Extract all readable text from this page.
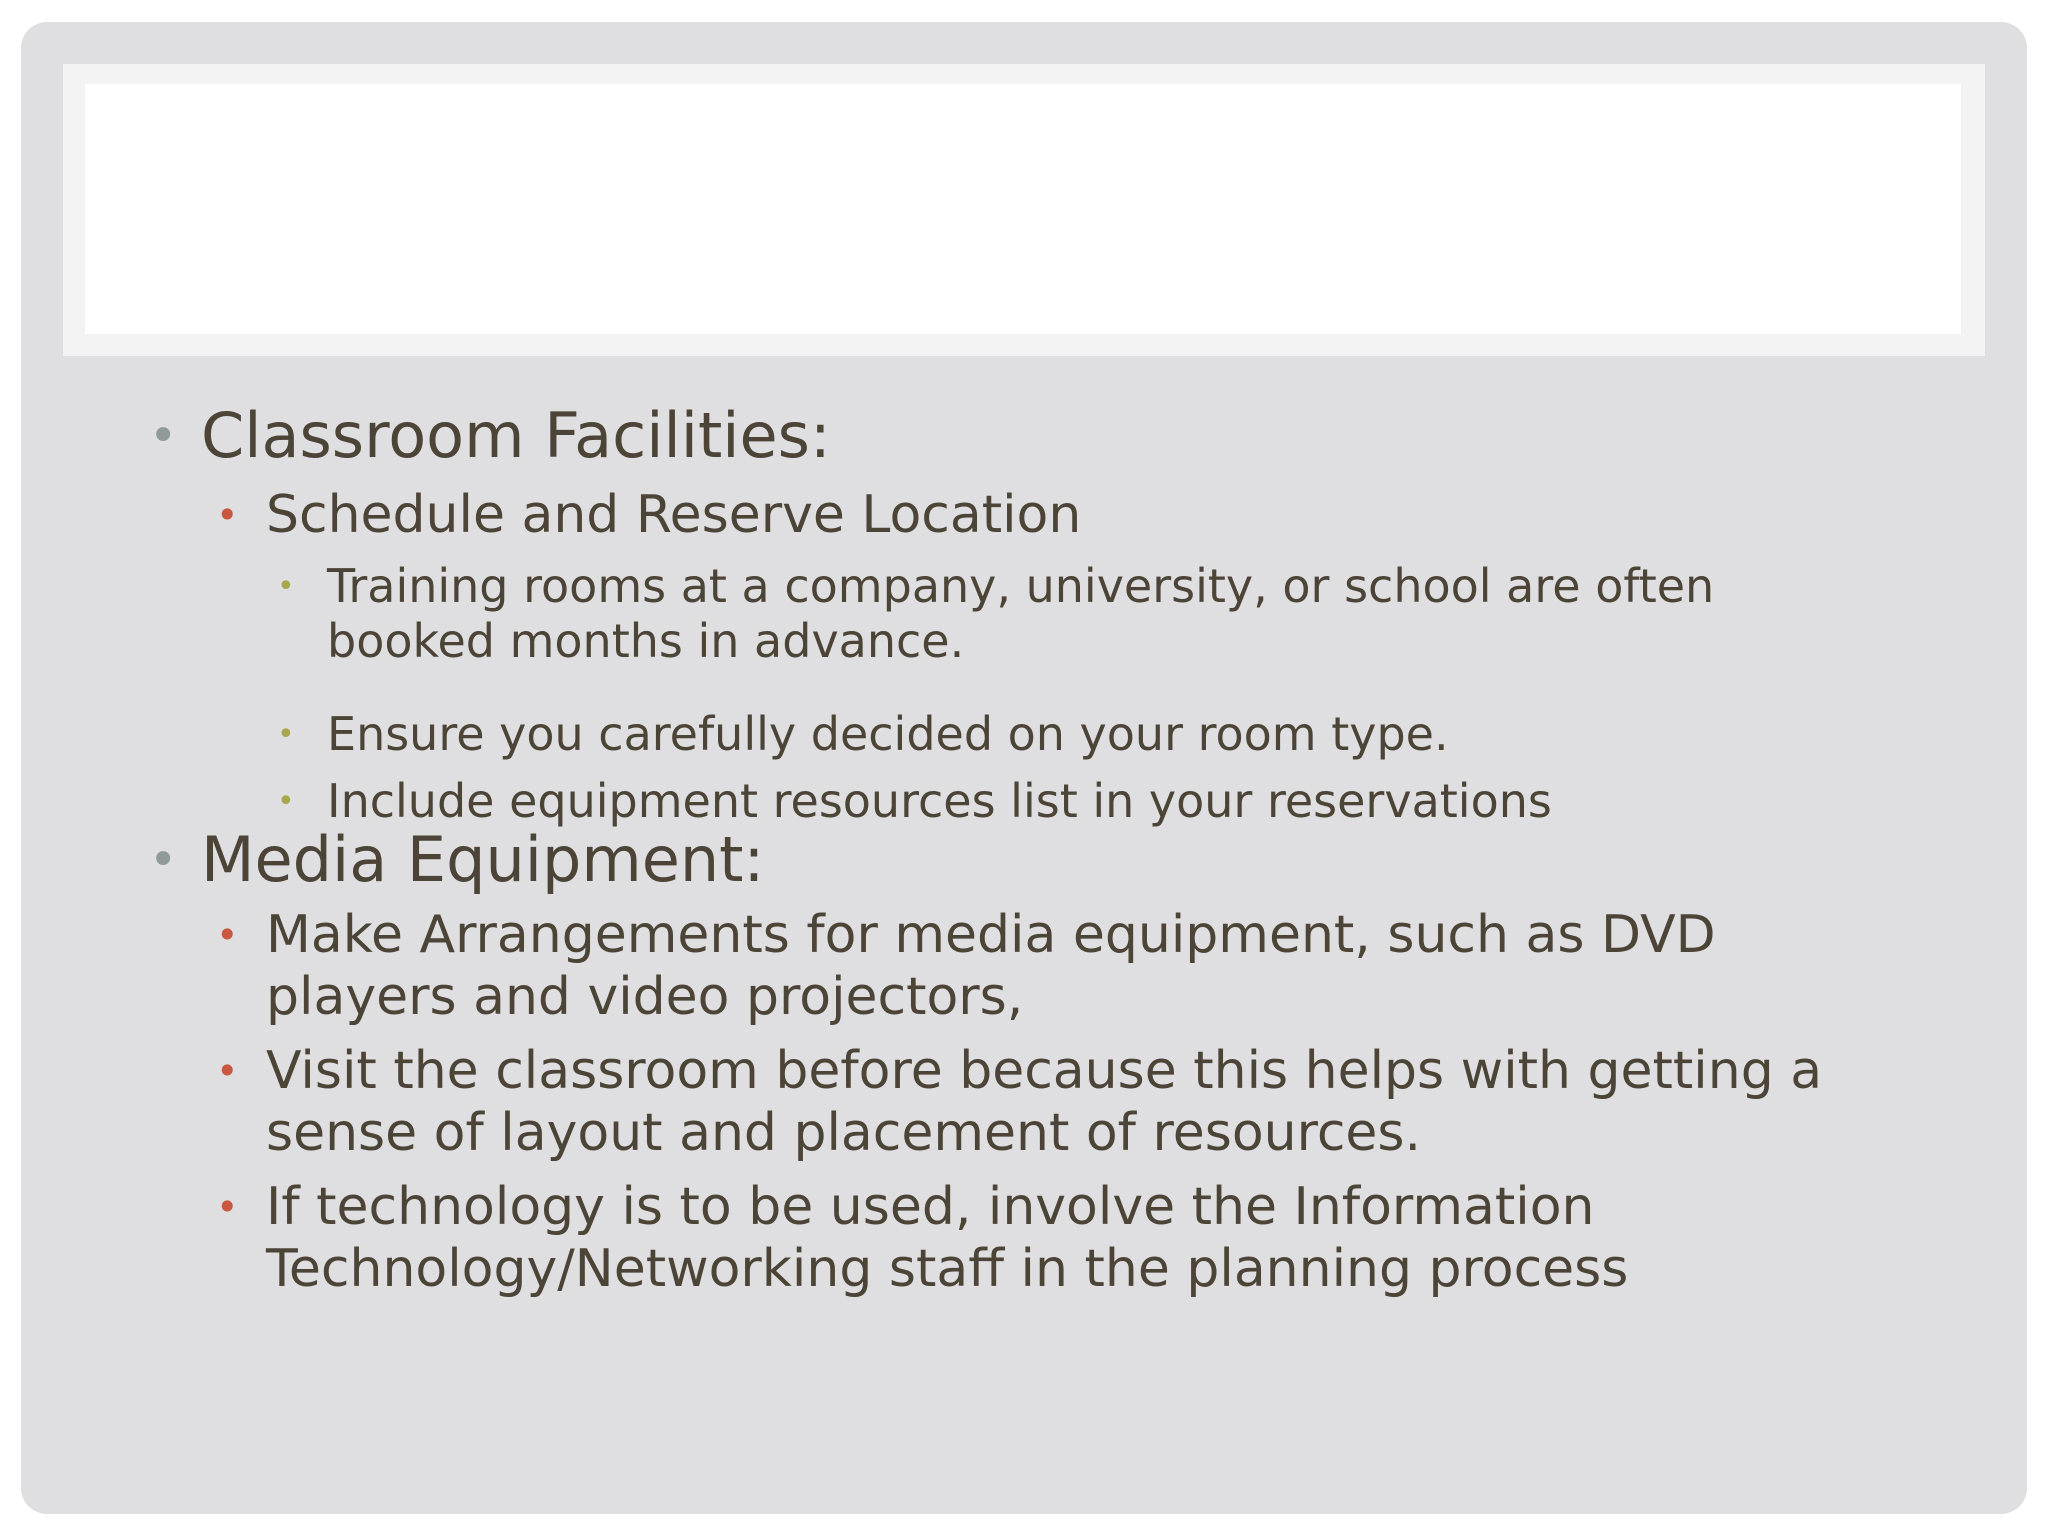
• Classroom Facilities:
• Schedule and Reserve Location
• Training rooms at a company, university, or school are often
booked months in advance.
• Ensure you carefully decided on your room type.
• Include equipment resources list in your reservations
• Media Equipment:
• Make Arrangements for media equipment, such as DVD
players and video projectors,
• Visit the classroom before because this helps with getting a
sense of layout and placement of resources.
• If technology is to be used, involve the Information
Technology/Networking staff in the planning process
